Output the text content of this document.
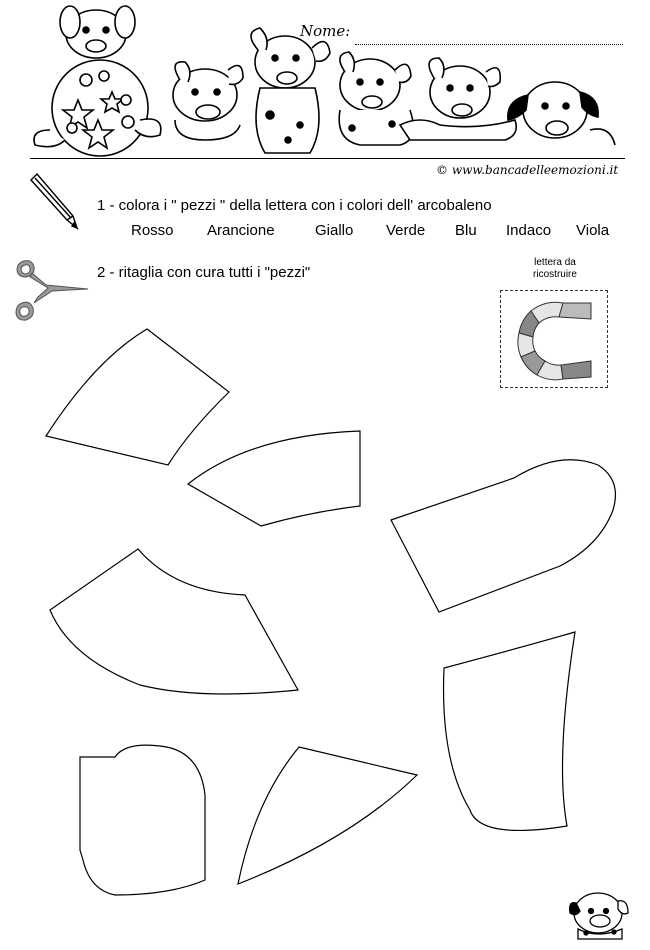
Nome:
© www.bancadelleemozioni.it
1 - colora i " pezzi " della lettera con i colori dell' arcobaleno
Rosso Arancione	Giallo Verde Blu Indaco Viola
2 - ritaglia con cura tutti i "pezzi"
lettera da
ricostruire
